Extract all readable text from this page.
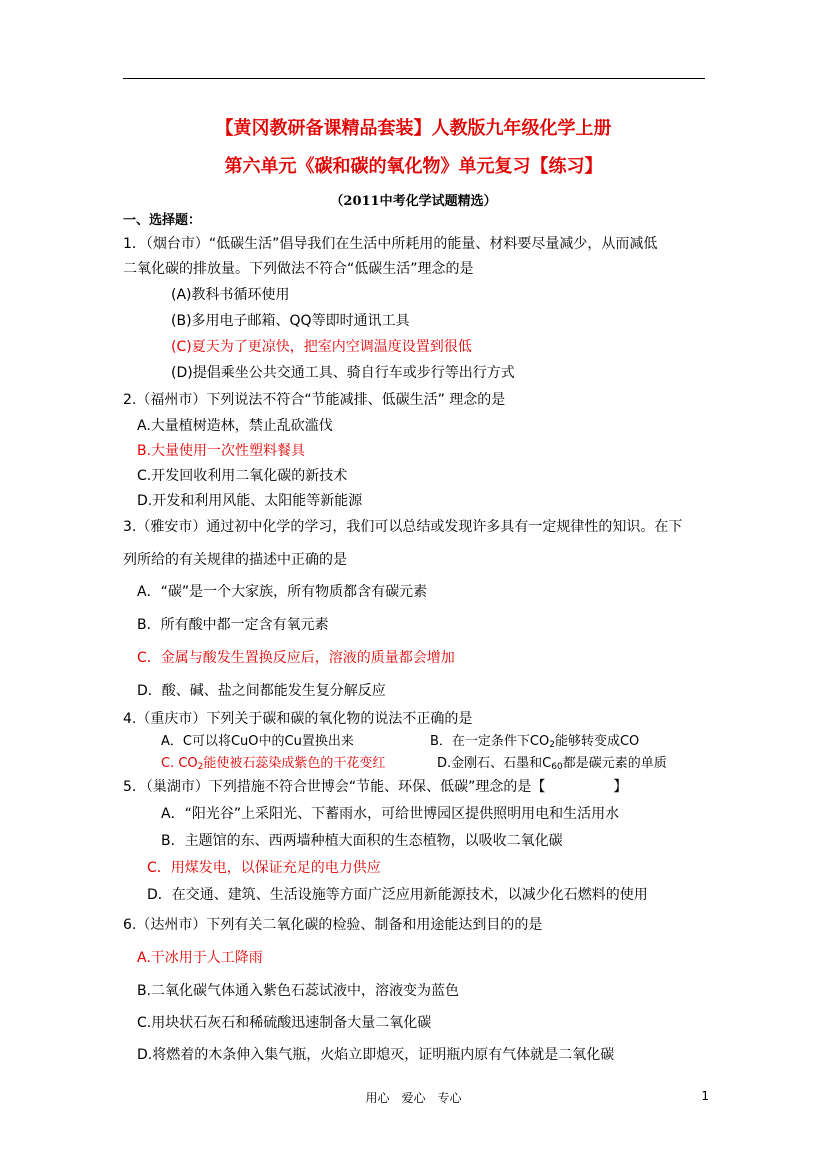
【黄冈教研备课精品套装】人教版九年级化学上册
第六单元《碳和碳的氧化物》单元复习【练习】
（2011中考化学试题精选）
一、选择题：
1．（烟台市）“低碳生活”倡导我们在生活中所耗用的能量、材料要尽量减少，从而减低
二氧化碳的排放量。下列做法不符合“低碳生活”理念的是
(A)教科书循环使用
(B)多用电子邮箱、QQ等即时通讯工具
(C)夏天为了更凉快，把室内空调温度设置到很低
(D)提倡乘坐公共交通工具、骑自行车或步行等出行方式
2.（福州市）下列说法不符合“节能减排、低碳生活” 理念的是
A.大量植树造林，禁止乱砍滥伐
B.大量使用一次性塑料餐具
C.开发回收利用二氧化碳的新技术
D.开发和利用风能、太阳能等新能源
3.（雅安市）通过初中化学的学习，我们可以总结或发现许多具有一定规律性的知识。在下
列所给的有关规律的描述中正确的是
A．“碳”是一个大家族，所有物质都含有碳元素
B．所有酸中都一定含有氧元素
C．金属与酸发生置换反应后，溶液的质量都会增加
D．酸、碱、盐之间都能发生复分解反应
4.（重庆市）下列关于碳和碳的氧化物的说法不正确的是
A．C可以将CuO中的Cu置换出来	B．在一定条件下$CO_2$能够转变成CO
C. $CO_2$能使被石蕊染成紫色的干花变红	D.金刚石、石墨和$C_{60}$都是碳元素的单质
5．（巢湖市）下列措施不符合世博会“节能、环保、低碳”理念的是【	】
A．“阳光谷”上采阳光、下蓄雨水，可给世博园区提供照明用电和生活用水
B．主题馆的东、西两墙种植大面积的生态植物，以吸收二氧化碳
C．用煤发电，以保证充足的电力供应
D．在交通、建筑、生活设施等方面广泛应用新能源技术，以减少化石燃料的使用
6.（达州市）下列有关二氧化碳的检验、制备和用途能达到目的的是
A.干冰用于人工降雨
B.二氧化碳气体通入紫色石蕊试液中，溶液变为蓝色
C.用块状石灰石和稀硫酸迅速制备大量二氧化碳
D.将燃着的木条伸入集气瓶，火焰立即熄灭，证明瓶内原有气体就是二氧化碳
用心　爱心　专心	1
